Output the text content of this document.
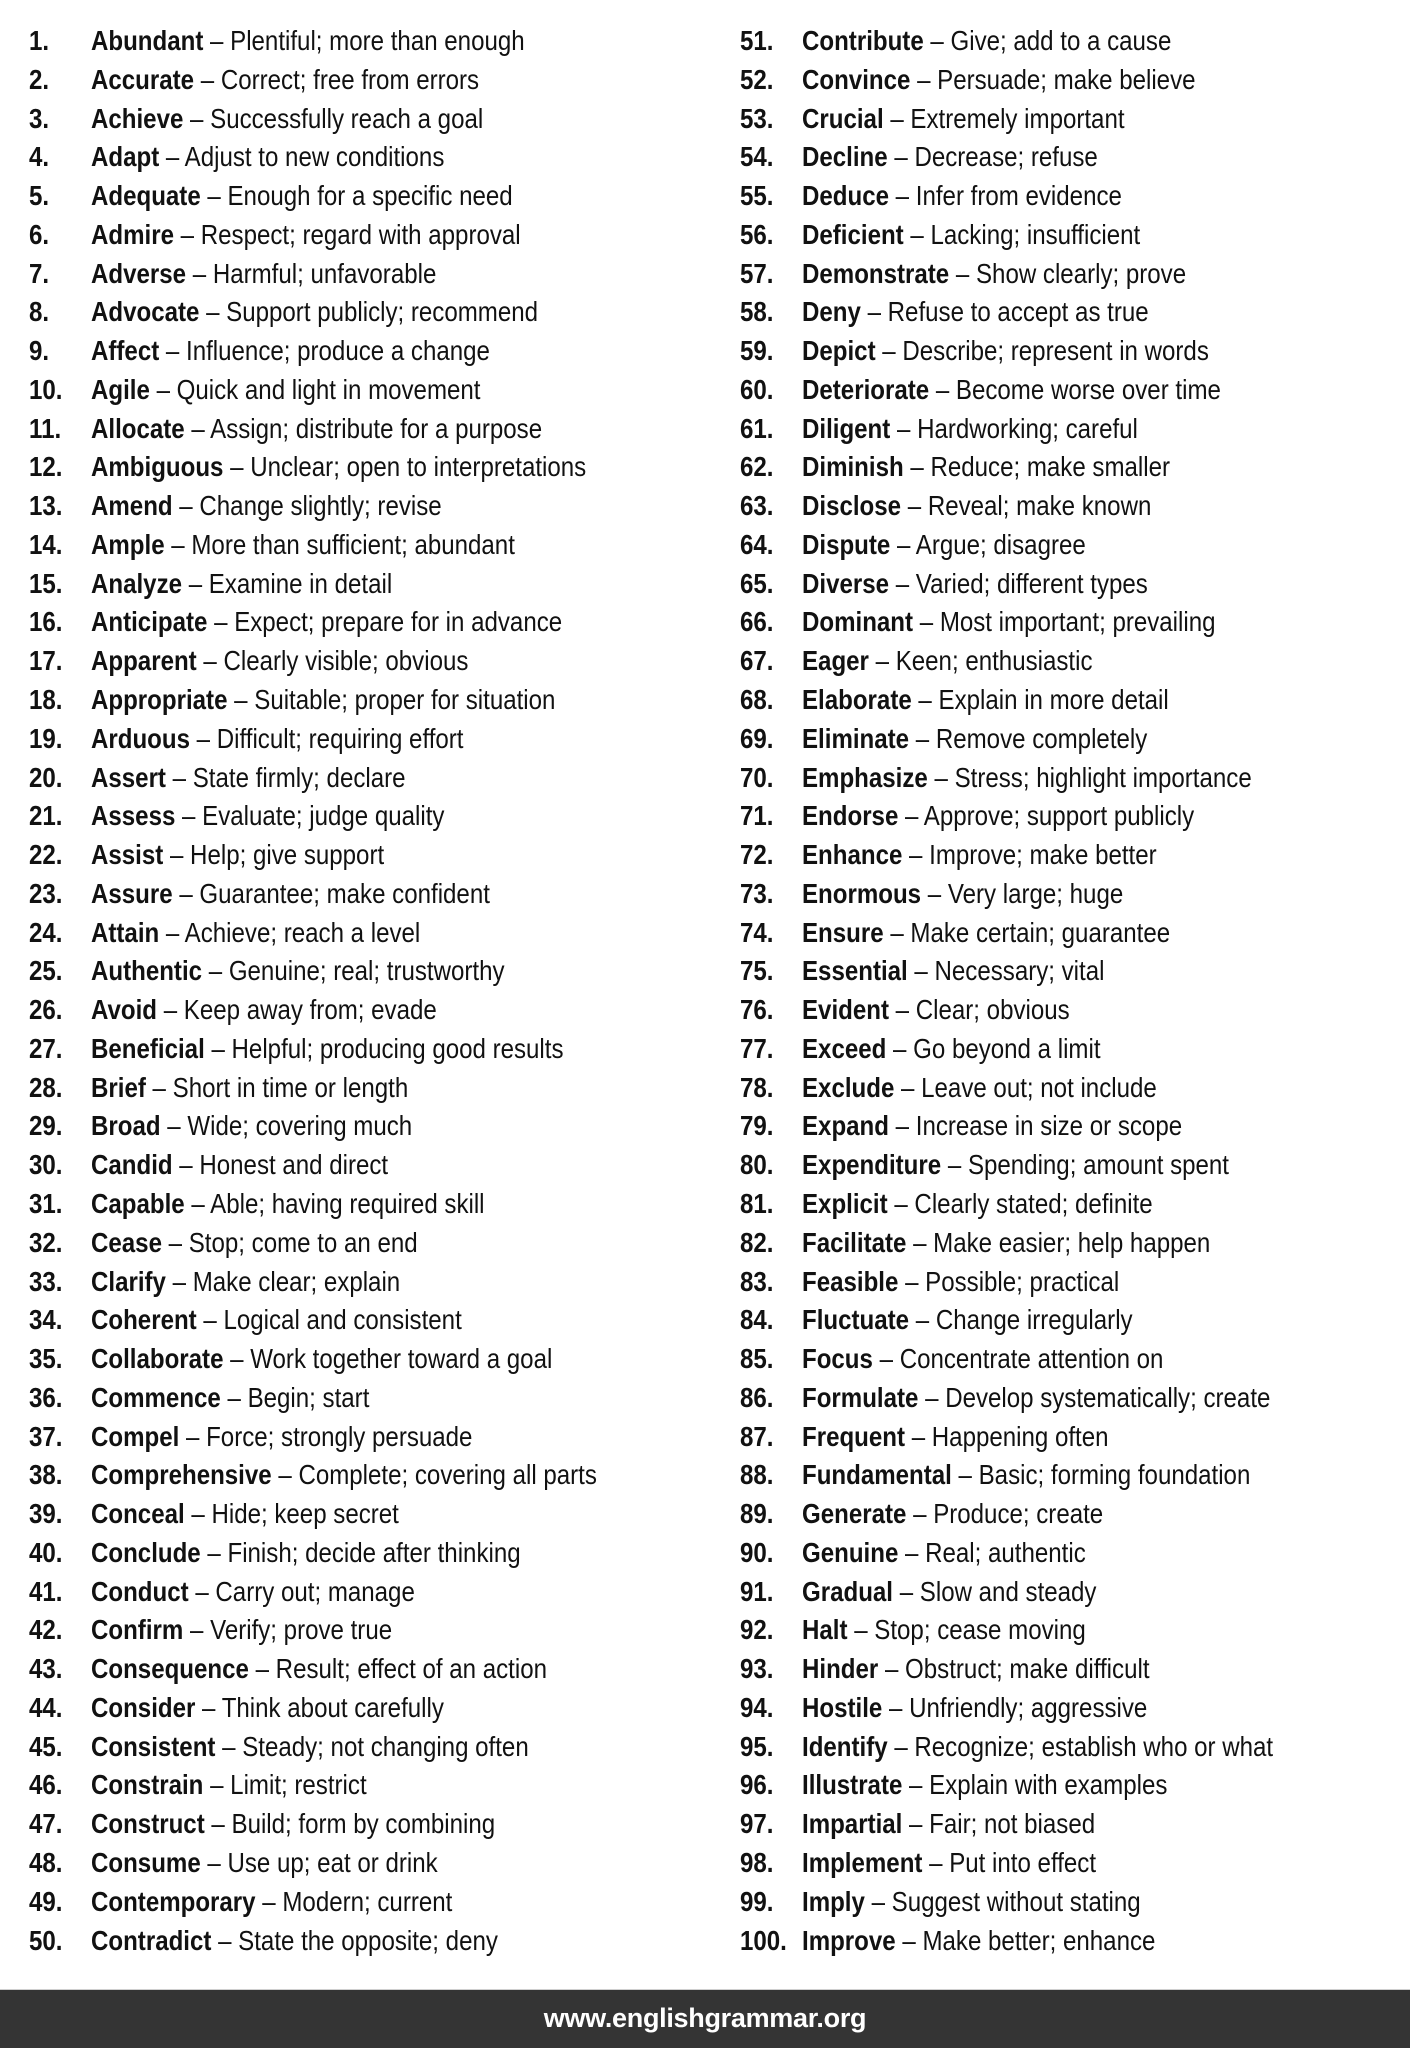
1. Abundant – Plentiful; more than enough
2. Accurate – Correct; free from errors
3. Achieve – Successfully reach a goal
4. Adapt – Adjust to new conditions
5. Adequate – Enough for a specific need
6. Admire – Respect; regard with approval
7. Adverse – Harmful; unfavorable
8. Advocate – Support publicly; recommend
9. Affect – Influence; produce a change
10. Agile – Quick and light in movement
11. Allocate – Assign; distribute for a purpose
12. Ambiguous – Unclear; open to interpretations
13. Amend – Change slightly; revise
14. Ample – More than sufficient; abundant
15. Analyze – Examine in detail
16. Anticipate – Expect; prepare for in advance
17. Apparent – Clearly visible; obvious
18. Appropriate – Suitable; proper for situation
19. Arduous – Difficult; requiring effort
20. Assert – State firmly; declare
21. Assess – Evaluate; judge quality
22. Assist – Help; give support
23. Assure – Guarantee; make confident
24. Attain – Achieve; reach a level
25. Authentic – Genuine; real; trustworthy
26. Avoid – Keep away from; evade
27. Beneficial – Helpful; producing good results
28. Brief – Short in time or length
29. Broad – Wide; covering much
30. Candid – Honest and direct
31. Capable – Able; having required skill
32. Cease – Stop; come to an end
33. Clarify – Make clear; explain
34. Coherent – Logical and consistent
35. Collaborate – Work together toward a goal
36. Commence – Begin; start
37. Compel – Force; strongly persuade
38. Comprehensive – Complete; covering all parts
39. Conceal – Hide; keep secret
40. Conclude – Finish; decide after thinking
41. Conduct – Carry out; manage
42. Confirm – Verify; prove true
43. Consequence – Result; effect of an action
44. Consider – Think about carefully
45. Consistent – Steady; not changing often
46. Constrain – Limit; restrict
47. Construct – Build; form by combining
48. Consume – Use up; eat or drink
49. Contemporary – Modern; current
50. Contradict – State the opposite; deny
51. Contribute – Give; add to a cause
52. Convince – Persuade; make believe
53. Crucial – Extremely important
54. Decline – Decrease; refuse
55. Deduce – Infer from evidence
56. Deficient – Lacking; insufficient
57. Demonstrate – Show clearly; prove
58. Deny – Refuse to accept as true
59. Depict – Describe; represent in words
60. Deteriorate – Become worse over time
61. Diligent – Hardworking; careful
62. Diminish – Reduce; make smaller
63. Disclose – Reveal; make known
64. Dispute – Argue; disagree
65. Diverse – Varied; different types
66. Dominant – Most important; prevailing
67. Eager – Keen; enthusiastic
68. Elaborate – Explain in more detail
69. Eliminate – Remove completely
70. Emphasize – Stress; highlight importance
71. Endorse – Approve; support publicly
72. Enhance – Improve; make better
73. Enormous – Very large; huge
74. Ensure – Make certain; guarantee
75. Essential – Necessary; vital
76. Evident – Clear; obvious
77. Exceed – Go beyond a limit
78. Exclude – Leave out; not include
79. Expand – Increase in size or scope
80. Expenditure – Spending; amount spent
81. Explicit – Clearly stated; definite
82. Facilitate – Make easier; help happen
83. Feasible – Possible; practical
84. Fluctuate – Change irregularly
85. Focus – Concentrate attention on
86. Formulate – Develop systematically; create
87. Frequent – Happening often
88. Fundamental – Basic; forming foundation
89. Generate – Produce; create
90. Genuine – Real; authentic
91. Gradual – Slow and steady
92. Halt – Stop; cease moving
93. Hinder – Obstruct; make difficult
94. Hostile – Unfriendly; aggressive
95. Identify – Recognize; establish who or what
96. Illustrate – Explain with examples
97. Impartial – Fair; not biased
98. Implement – Put into effect
99. Imply – Suggest without stating
100. Improve – Make better; enhance
www.englishgrammar.org
